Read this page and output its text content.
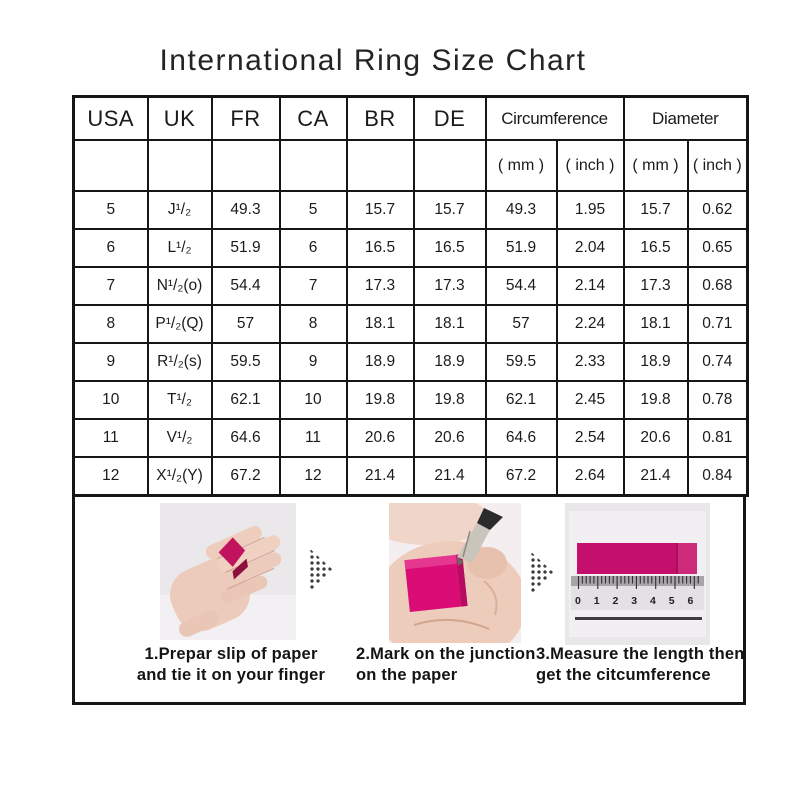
International Ring Size Chart
USA	UK	FR	CA	BR	DE	Circumference		Diameter	
						( mm )	( inch )	( mm )	( inch )
5	J¹/₂	49.3	5	15.7	15.7	49.3	1.95	15.7	0.62
6	L¹/₂	51.9	6	16.5	16.5	51.9	2.04	16.5	0.65
7	N¹/₂(o)	54.4	7	17.3	17.3	54.4	2.14	17.3	0.68
8	P¹/₂(Q)	57	8	18.1	18.1	57	2.24	18.1	0.71
9	R¹/₂(s)	59.5	9	18.9	18.9	59.5	2.33	18.9	0.74
10	T¹/₂	62.1	10	19.8	19.8	62.1	2.45	19.8	0.78
11	V¹/₂	64.6	11	20.6	20.6	64.6	2.54	20.6	0.81
12	X¹/₂(Y)	67.2	12	21.4	21.4	67.2	2.64	21.4	0.84
0 1 2 3 4 5 6
1.Prepar slip of paper
and tie it on your finger
2.Mark on the junction
on the paper
3.Measure the length then
get the citcumference
